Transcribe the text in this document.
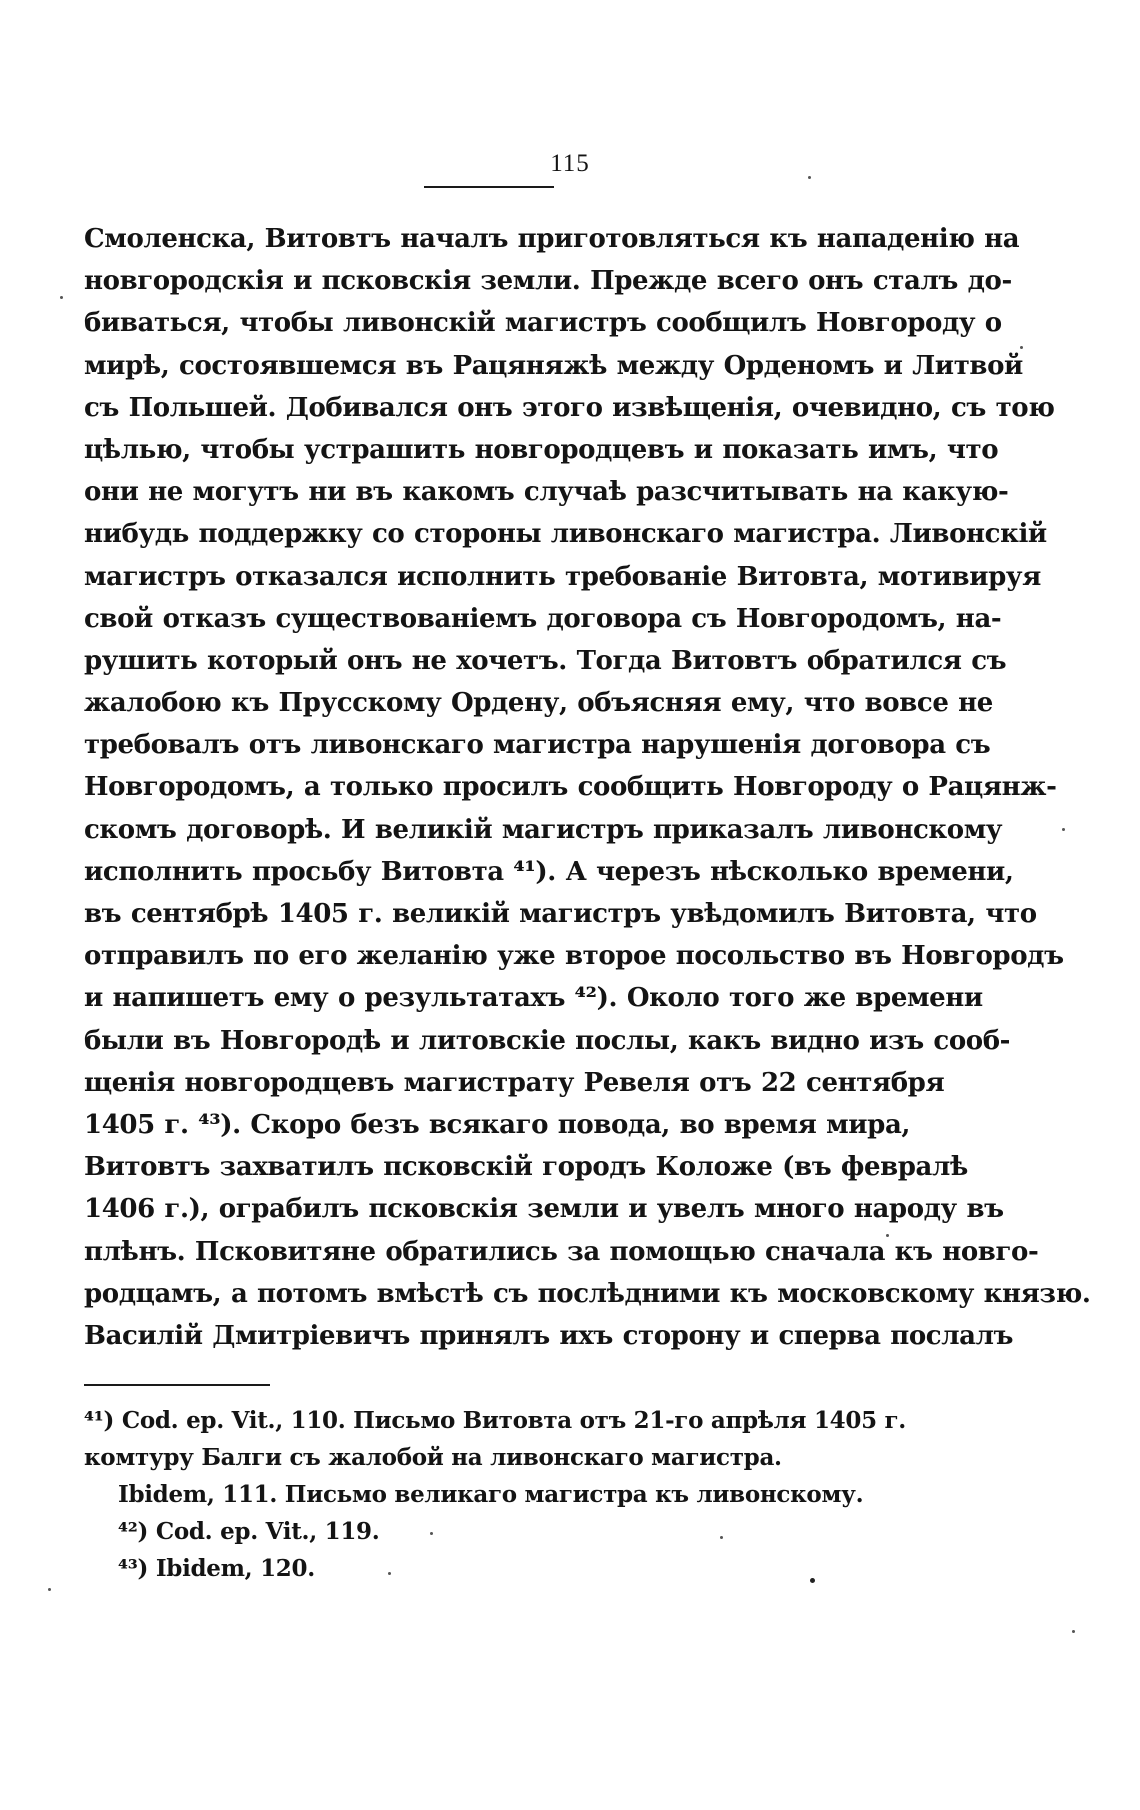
115
Смоленска, Витовтъ началъ приготовляться къ нападенію на
новгородскія и псковскія земли. Прежде всего онъ сталъ до-
биваться, чтобы ливонскій магистръ сообщилъ Новгороду о
мирѣ, состоявшемся въ Рацяняжѣ между Орденомъ и Литвой
съ Польшей. Добивался онъ этого извѣщенія, очевидно, съ тою
цѣлью, чтобы устрашить новгородцевъ и показать имъ, что
они не могутъ ни въ какомъ случаѣ разсчитывать на какую-
нибудь поддержку со стороны ливонскаго магистра. Ливонскій
магистръ отказался исполнить требованіе Витовта, мотивируя
свой отказъ существованіемъ договора съ Новгородомъ, на-
рушить который онъ не хочетъ. Тогда Витовтъ обратился съ
жалобою къ Прусскому Ордену, объясняя ему, что вовсе не
требовалъ отъ ливонскаго магистра нарушенія договора съ
Новгородомъ, а только просилъ сообщить Новгороду о Рацянж-
скомъ договорѣ. И великій магистръ приказалъ ливонскому
исполнить просьбу Витовта ⁴¹). А черезъ нѣсколько времени,
въ сентябрѣ 1405 г. великій магистръ увѣдомилъ Витовта, что
отправилъ по его желанію уже второе посольство въ Новгородъ
и напишетъ ему о результатахъ ⁴²). Около того же времени
были въ Новгородѣ и литовскіе послы, какъ видно изъ сооб-
щенія новгородцевъ магистрату Ревеля отъ 22 сентября
1405 г. ⁴³). Скоро безъ всякаго повода, во время мира,
Витовтъ захватилъ псковскій городъ Коложе (въ февралѣ
1406 г.), ограбилъ псковскія земли и увелъ много народу въ
плѣнъ. Псковитяне обратились за помощью сначала къ новго-
родцамъ, а потомъ вмѣстѣ съ послѣдними къ московскому князю.
Василій Дмитріевичъ принялъ ихъ сторону и сперва послалъ
⁴¹) Cod. ep. Vit., 110. Письмо Витовта отъ 21-го апрѣля 1405 г.
комтуру Балги съ жалобой на ливонскаго магистра.
Ibidem, 111. Письмо великаго магистра къ ливонскому.
⁴²) Cod. ep. Vit., 119.
⁴³) Ibidem, 120.
